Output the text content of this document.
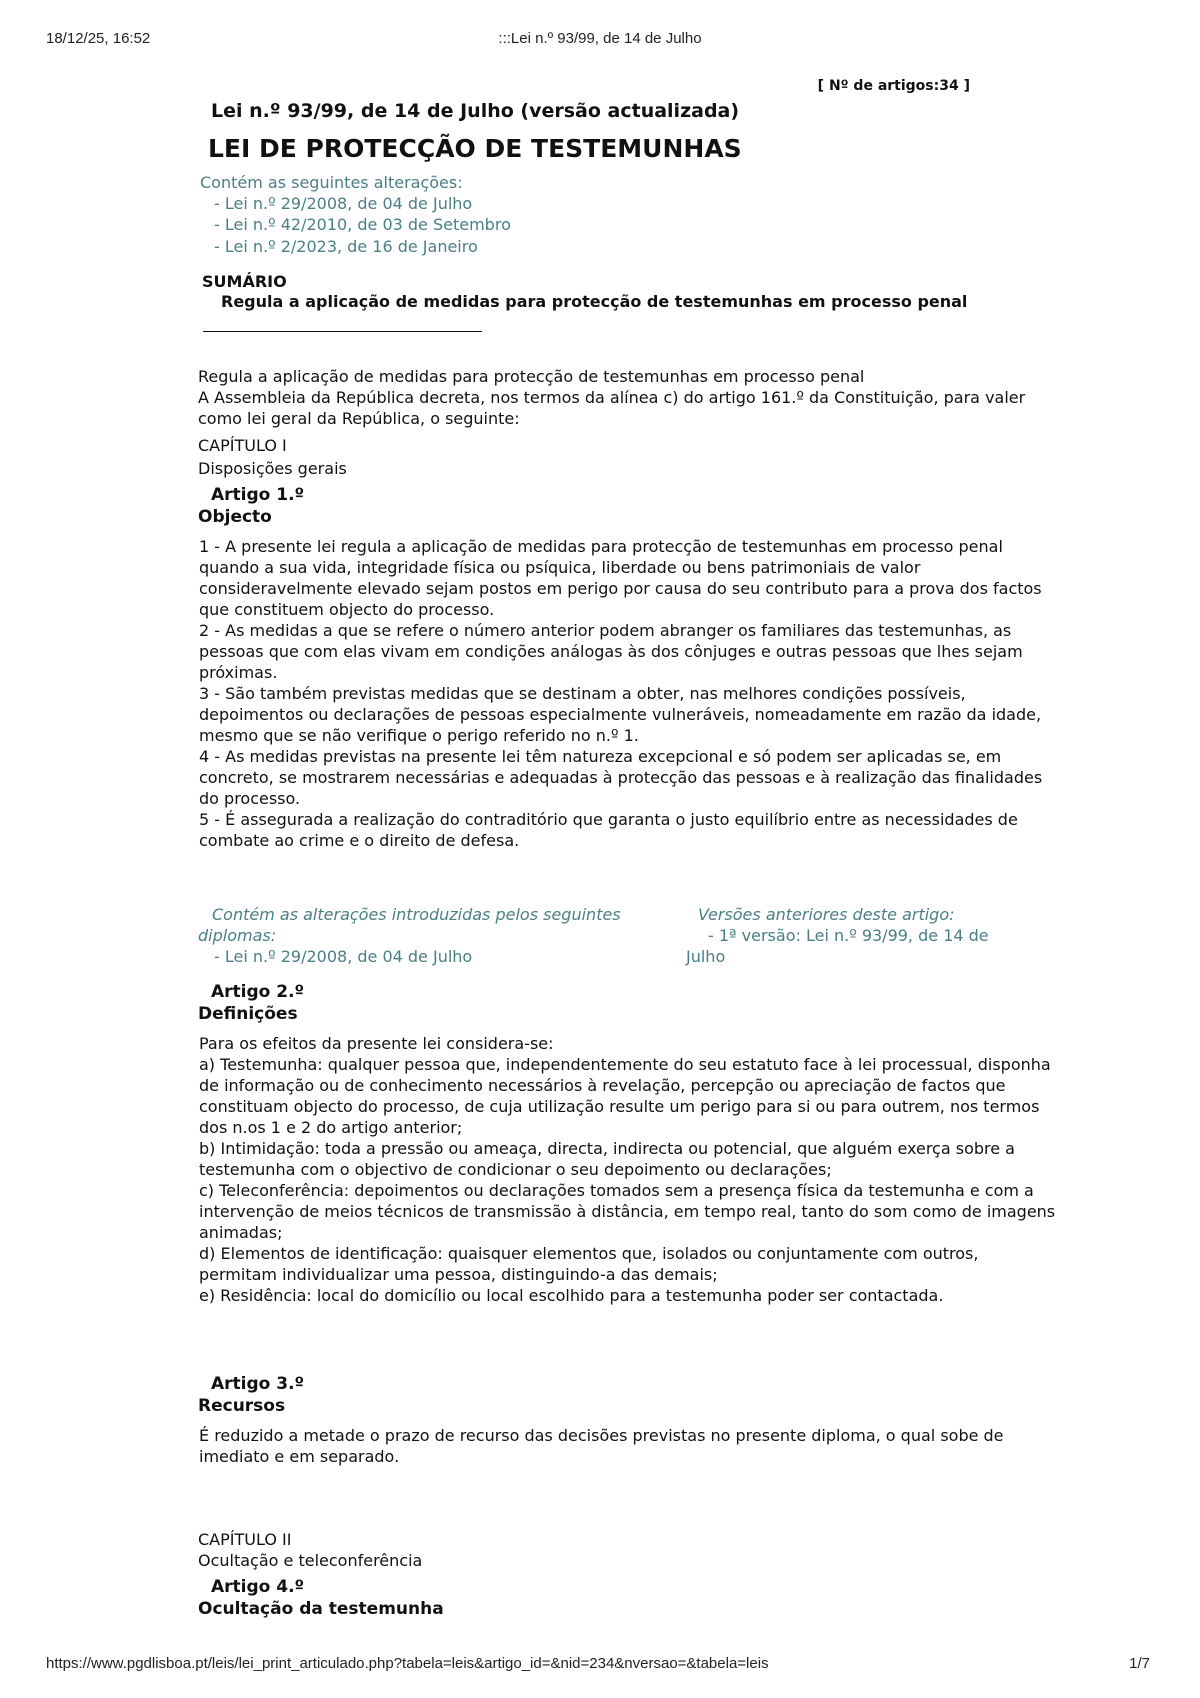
18/12/25, 16:52	:::Lei n.º 93/99, de 14 de Julho
[ Nº de artigos:34 ]
Lei n.º 93/99, de 14 de Julho (versão actualizada)
LEI DE PROTECÇÃO DE TESTEMUNHAS
Contém as seguintes alterações:
- Lei n.º 29/2008, de 04 de Julho
- Lei n.º 42/2010, de 03 de Setembro
- Lei n.º 2/2023, de 16 de Janeiro
SUMÁRIO
Regula a aplicação de medidas para protecção de testemunhas em processo penal
Regula a aplicação de medidas para protecção de testemunhas em processo penal
A Assembleia da República decreta, nos termos da alínea c) do artigo 161.º da Constituição, para valer como lei geral da República, o seguinte:
CAPÍTULO I
Disposições gerais
Artigo 1.º
Objecto
1 - A presente lei regula a aplicação de medidas para protecção de testemunhas em processo penal quando a sua vida, integridade física ou psíquica, liberdade ou bens patrimoniais de valor consideravelmente elevado sejam postos em perigo por causa do seu contributo para a prova dos factos que constituem objecto do processo.
2 - As medidas a que se refere o número anterior podem abranger os familiares das testemunhas, as pessoas que com elas vivam em condições análogas às dos cônjuges e outras pessoas que lhes sejam próximas.
3 - São também previstas medidas que se destinam a obter, nas melhores condições possíveis, depoimentos ou declarações de pessoas especialmente vulneráveis, nomeadamente em razão da idade, mesmo que se não verifique o perigo referido no n.º 1.
4 - As medidas previstas na presente lei têm natureza excepcional e só podem ser aplicadas se, em concreto, se mostrarem necessárias e adequadas à protecção das pessoas e à realização das finalidades do processo.
5 - É assegurada a realização do contraditório que garanta o justo equilíbrio entre as necessidades de combate ao crime e o direito de defesa.
Contém as alterações introduzidas pelos seguintes diplomas:
- Lei n.º 29/2008, de 04 de Julho
Versões anteriores deste artigo:
- 1ª versão: Lei n.º 93/99, de 14 de Julho
Artigo 2.º
Definições
Para os efeitos da presente lei considera-se:
a) Testemunha: qualquer pessoa que, independentemente do seu estatuto face à lei processual, disponha de informação ou de conhecimento necessários à revelação, percepção ou apreciação de factos que constituam objecto do processo, de cuja utilização resulte um perigo para si ou para outrem, nos termos dos n.os 1 e 2 do artigo anterior;
b) Intimidação: toda a pressão ou ameaça, directa, indirecta ou potencial, que alguém exerça sobre a testemunha com o objectivo de condicionar o seu depoimento ou declarações;
c) Teleconferência: depoimentos ou declarações tomados sem a presença física da testemunha e com a intervenção de meios técnicos de transmissão à distância, em tempo real, tanto do som como de imagens animadas;
d) Elementos de identificação: quaisquer elementos que, isolados ou conjuntamente com outros, permitam individualizar uma pessoa, distinguindo-a das demais;
e) Residência: local do domicílio ou local escolhido para a testemunha poder ser contactada.
Artigo 3.º
Recursos
É reduzido a metade o prazo de recurso das decisões previstas no presente diploma, o qual sobe de imediato e em separado.
CAPÍTULO II
Ocultação e teleconferência
Artigo 4.º
Ocultação da testemunha
https://www.pgdlisboa.pt/leis/lei_print_articulado.php?tabela=leis&artigo_id=&nid=234&nversao=&tabela=leis	1/7
